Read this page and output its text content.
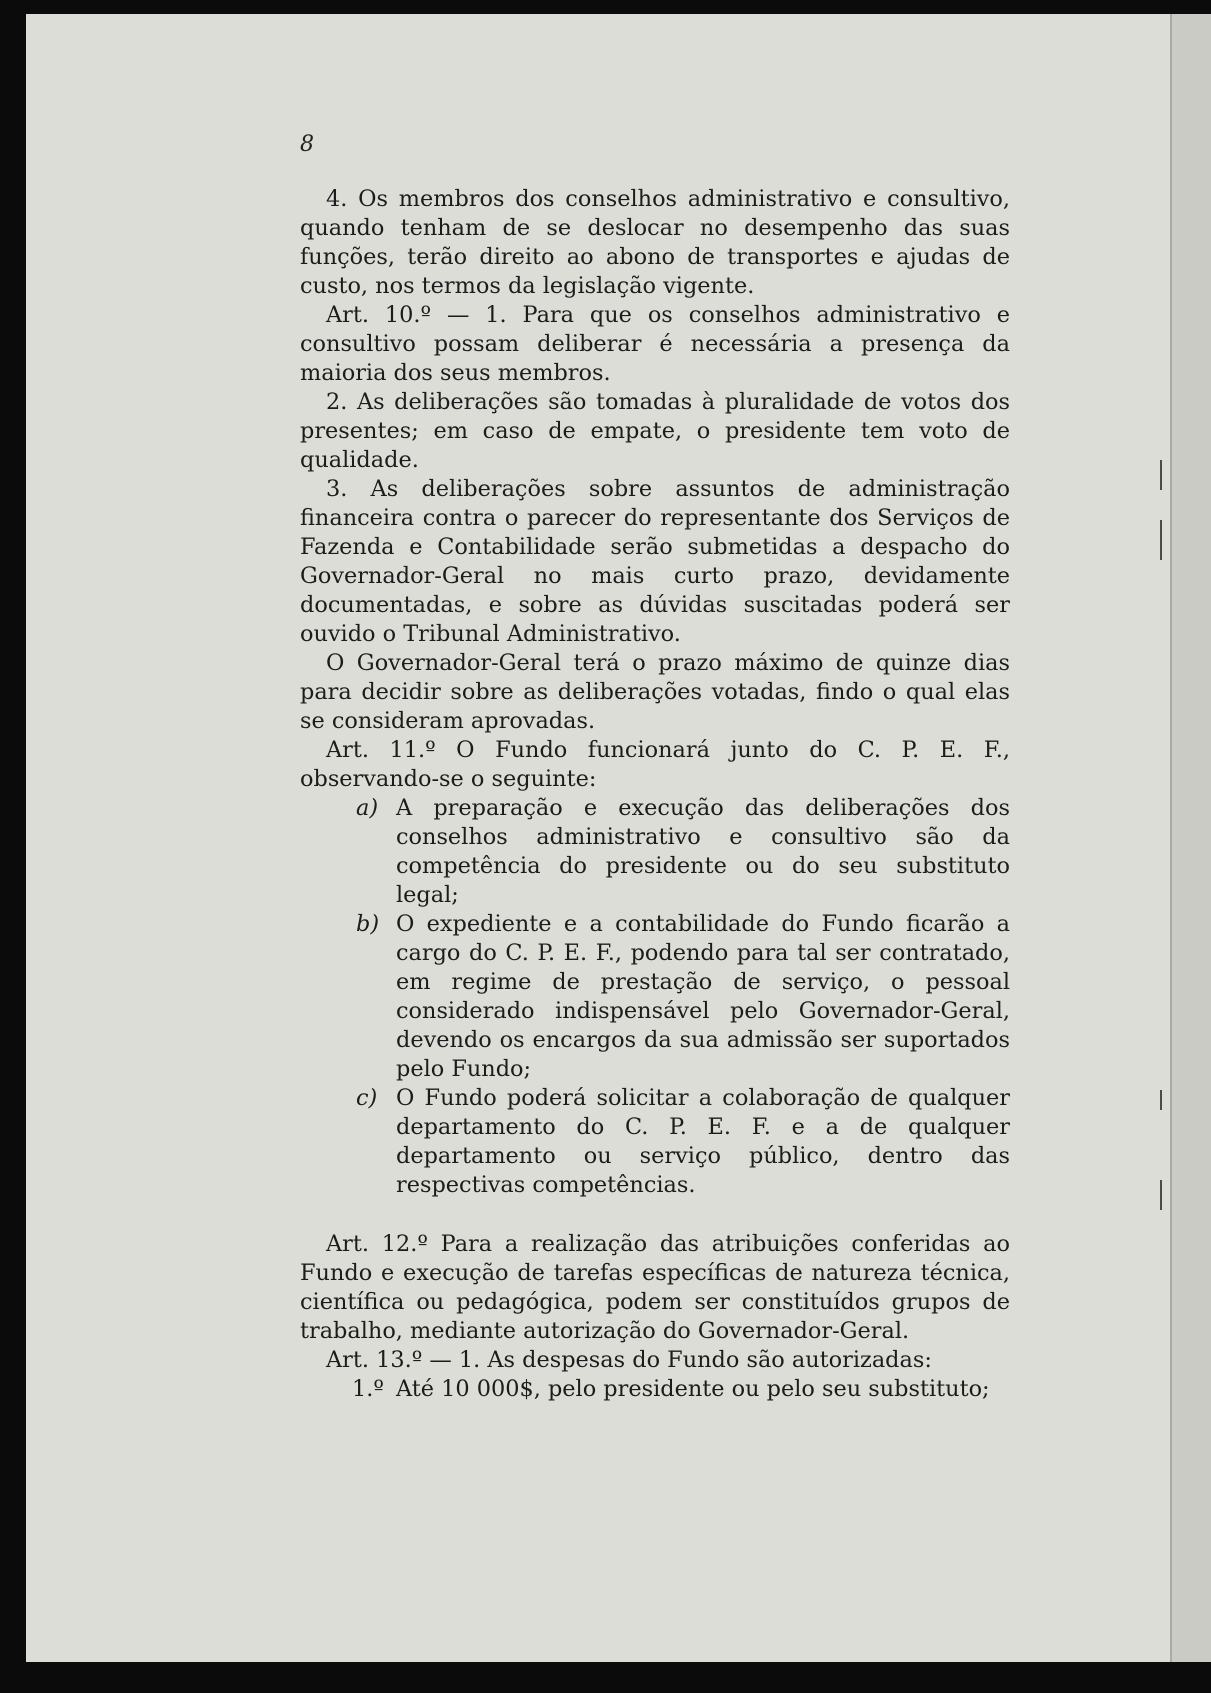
8
4. Os membros dos conselhos administrativo e consultivo, quando tenham de se deslocar no desempenho das suas funções, terão direito ao abono de transportes e ajudas de custo, nos termos da legislação vigente.
Art. 10.º — 1. Para que os conselhos administrativo e consultivo possam deliberar é necessária a presença da maioria dos seus membros.
2. As deliberações são tomadas à pluralidade de votos dos presentes; em caso de empate, o presidente tem voto de qualidade.
3. As deliberações sobre assuntos de administração financeira contra o parecer do representante dos Serviços de Fazenda e Contabilidade serão submetidas a despacho do Governador-Geral no mais curto prazo, devidamente documentadas, e sobre as dúvidas suscitadas poderá ser ouvido o Tribunal Administrativo.
O Governador-Geral terá o prazo máximo de quinze dias para decidir sobre as deliberações votadas, findo o qual elas se consideram aprovadas.
Art. 11.º O Fundo funcionará junto do C. P. E. F., observando-se o seguinte:
a) A preparação e execução das deliberações dos conselhos administrativo e consultivo são da competência do presidente ou do seu substituto legal;
b) O expediente e a contabilidade do Fundo ficarão a cargo do C. P. E. F., podendo para tal ser contratado, em regime de prestação de serviço, o pessoal considerado indispensável pelo Governador-Geral, devendo os encargos da sua admissão ser suportados pelo Fundo;
c) O Fundo poderá solicitar a colaboração de qualquer departamento do C. P. E. F. e a de qualquer departamento ou serviço público, dentro das respectivas competências.
Art. 12.º Para a realização das atribuições conferidas ao Fundo e execução de tarefas específicas de natureza técnica, científica ou pedagógica, podem ser constituídos grupos de trabalho, mediante autorização do Governador-Geral.
Art. 13.º — 1. As despesas do Fundo são autorizadas:
1.º Até 10 000$, pelo presidente ou pelo seu substituto;
